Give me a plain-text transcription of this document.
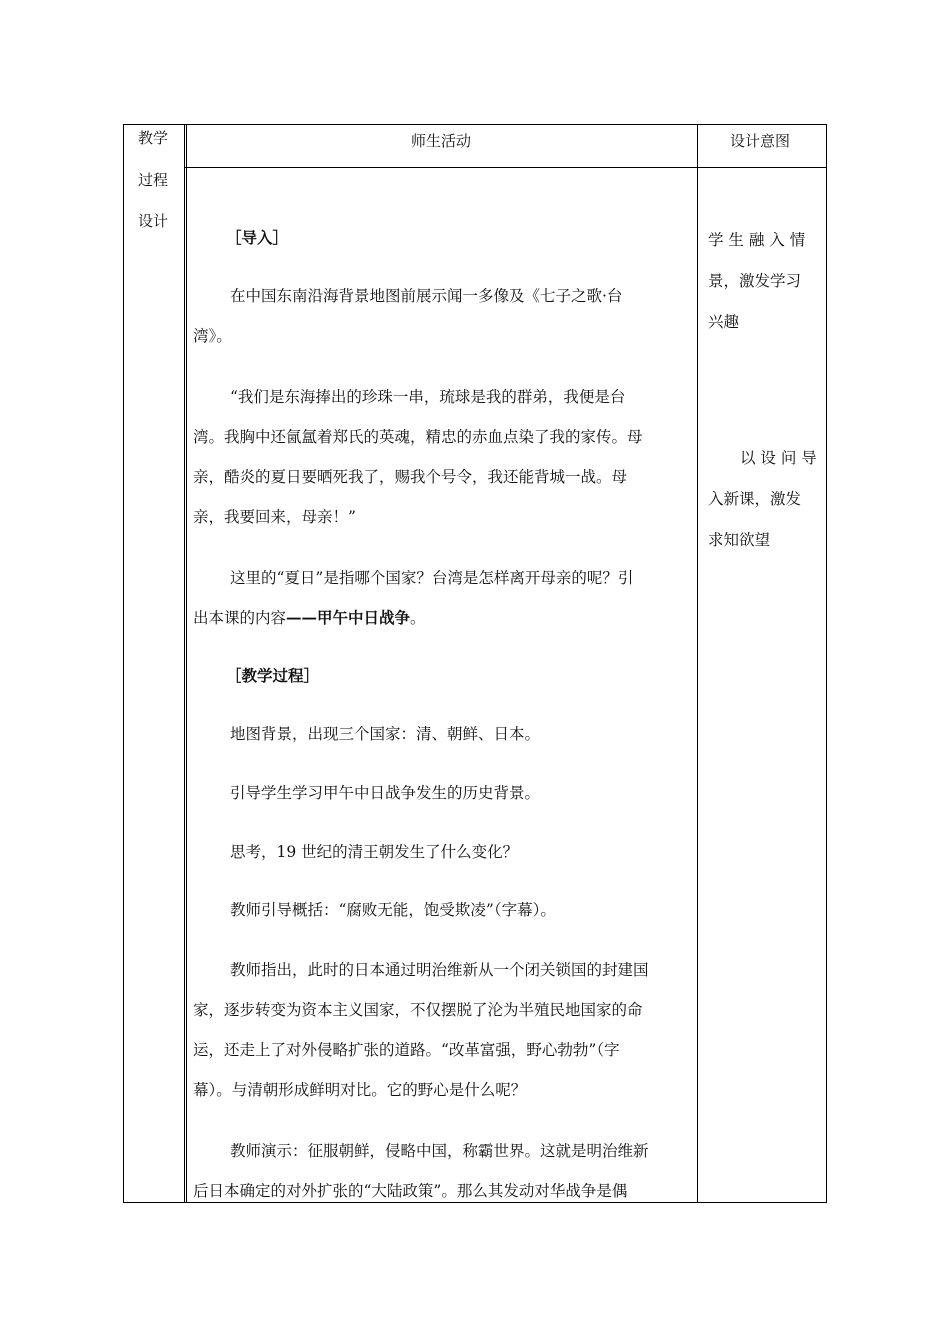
教学
过程
设计
师生活动	设计意图
［导入］
在中国东南沿海背景地图前展示闻一多像及《七子之歌·台
湾》。
“我们是东海捧出的珍珠一串，琉球是我的群弟，我便是台
湾。我胸中还氤氲着郑氏的英魂，精忠的赤血点染了我的家传。母
亲，酷炎的夏日要晒死我了，赐我个号令，我还能背城一战。母
亲，我要回来，母亲！”
这里的“夏日”是指哪个国家？台湾是怎样离开母亲的呢？引
出本课的内容——甲午中日战争。
［教学过程］
地图背景，出现三个国家：清、朝鲜、日本。
引导学生学习甲午中日战争发生的历史背景。
思考，19 世纪的清王朝发生了什么变化？
教师引导概括：“腐败无能，饱受欺凌”（字幕）。
教师指出，此时的日本通过明治维新从一个闭关锁国的封建国
家，逐步转变为资本主义国家，不仅摆脱了沦为半殖民地国家的命
运，还走上了对外侵略扩张的道路。“改革富强，野心勃勃”（字
幕）。与清朝形成鲜明对比。它的野心是什么呢？
教师演示：征服朝鲜，侵略中国，称霸世界。这就是明治维新
后日本确定的对外扩张的“大陆政策”。那么其发动对华战争是偶
学 生 融 入 情
景，激发学习
兴趣
以 设 问 导
入新课，激发
求知欲望
